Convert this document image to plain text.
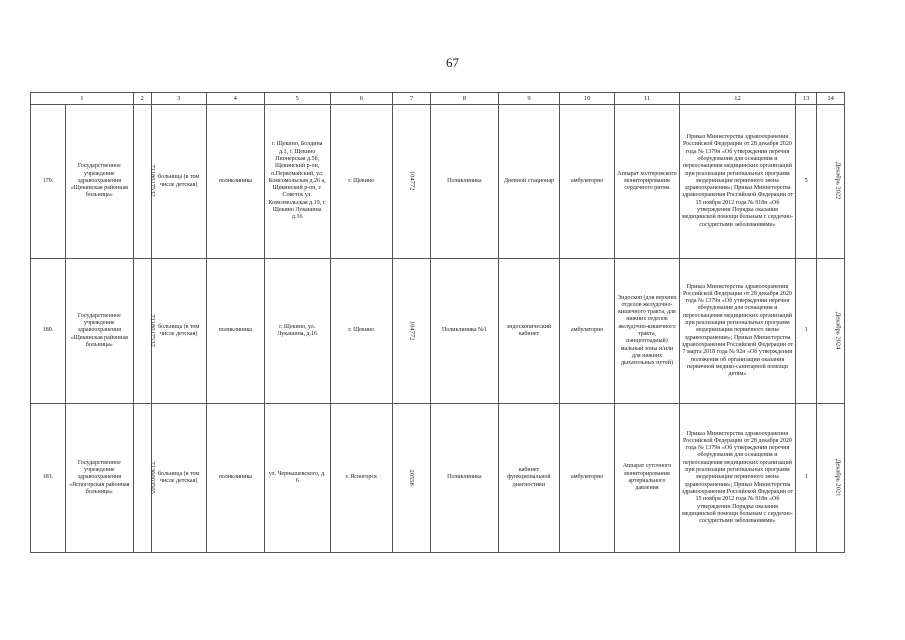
67
1		2	3	4	5	6	7	8	9	10	11	12	13	14
179.	Государственное учреждение здравоохранения «Щекинская районная больница»	7118017532	больница (в том числе детская)	поликлиника	г. Щекино, Болдина д.1, г. Щекино Пионерская д.5б, Щекинский р-он, п.Первомайский, ул. Комсомольская д.26 а, Щекинский р-он, г. Советск ул. Комсомольская д.19, г. Щекино Лукашина д.16	г. Щекино	104772	Поликлиника	Дневной стационар	амбулаторно	Аппарат холтеровского мониторирования сердечного ритма	Приказ Министерства здравоохранения Российской Федерации от 28 декабря 2020 года № 1379н «Об утверждении перечня оборудования для оснащения и переоснащения медицинских организаций при реализации региональных программ модернизации первичного звена здравоохранения»; Приказ Министерства здравоохранения Российской Федерации от 15 ноября 2012 года № 918н «Об утверждении Порядка оказания медицинской помощи больным с сердечно-сосудистыми заболеваниями»	5	Декабрь 2022
180.	Государственное учреждение здравоохранения «Щекинская районная больница»	7118017532	больница (в том числе детская)	поликлиника	г. Щекино, ул. Лукашина, д.16	г. Щекино	104772	Поликлиника №1	эндоскопический кабинет	амбулаторно	Эндоскоп (для верхних отделов желудочно-кишечного тракта, для нижних отделов желудочно-кишечного тракта, панцизтоадный) мальный зоны и/или для нижних дыхательных путей)	Приказ Министерства здравоохранения Российской Федерации от 28 декабря 2020 года № 1379н «Об утверждении перечня оборудования для оснащения и переоснащения медицинских организаций при реализации региональных программ модернизации первичного звена здравоохранения»; Приказ Министерства здравоохранения Российской Федерации от 7 марта 2018 года № 92н «Об утверждении положения об организации оказания первичной медико-санитарной помощи детям»	1	Декабрь 2024
181.	Государственное учреждение здравоохранения «Ясногорская районная больница»	7136003505	больница (в том числе детская)	поликлиника	ул. Чернышевского, д. 6	г. Ясногорск	20558	Поликлиника	кабинет функциональной диагностики	амбулаторно	Аппарат суточного мониторирования артериального давления	Приказ Министерства здравоохранения Российской Федерации от 28 декабря 2020 года № 1379н «Об утверждении перечня оборудования для оснащения и переоснащения медицинских организаций при реализации региональных программ модернизации первичного звена здравоохранения»; Приказ Министерства здравоохранения Российской Федерации от 15 ноября 2012 года № 918н «Об утверждении Порядка оказания медицинской помощи больным с сердечно-сосудистыми заболеваниями»	1	Декабрь 2021
